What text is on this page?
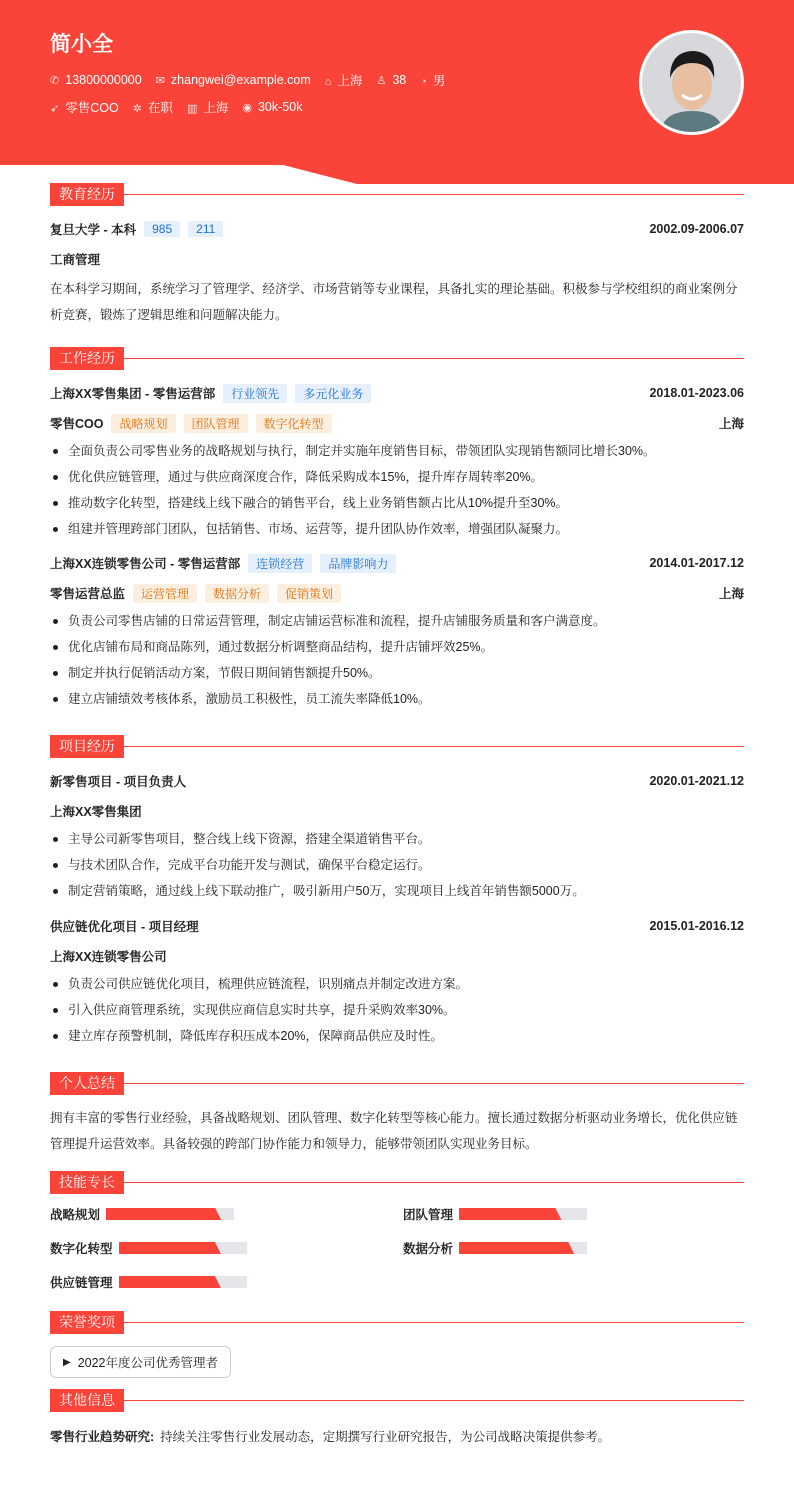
简小全
✆ 13800000000 ✉ zhangwei@example.com ⌂ 上海 ♙ 38 ◔ 男
➶ 零售COO ✲ 在职 ▥ 上海 ◉ 30k-50k
教育经历
复旦大学 - 本科	985	211	2002.09-2006.07
工商管理
在本科学习期间，系统学习了管理学、经济学、市场营销等专业课程，具备扎实的理论基础。积极参与学校组织的商业案例分析竞赛，锻炼了逻辑思维和问题解决能力。
工作经历
上海XX零售集团 - 零售运营部	行业领先	多元化业务	2018.01-2023.06
零售COO	战略规划	团队管理	数字化转型	上海
全面负责公司零售业务的战略规划与执行，制定并实施年度销售目标，带领团队实现销售额同比增长30%。
优化供应链管理，通过与供应商深度合作，降低采购成本15%，提升库存周转率20%。
推动数字化转型，搭建线上线下融合的销售平台，线上业务销售额占比从10%提升至30%。
组建并管理跨部门团队，包括销售、市场、运营等，提升团队协作效率，增强团队凝聚力。
上海XX连锁零售公司 - 零售运营部	连锁经营	品牌影响力	2014.01-2017.12
零售运营总监	运营管理	数据分析	促销策划	上海
负责公司零售店铺的日常运营管理，制定店铺运营标准和流程，提升店铺服务质量和客户满意度。
优化店铺布局和商品陈列，通过数据分析调整商品结构，提升店铺坪效25%。
制定并执行促销活动方案，节假日期间销售额提升50%。
建立店铺绩效考核体系，激励员工积极性，员工流失率降低10%。
项目经历
新零售项目 - 项目负责人	2020.01-2021.12
上海XX零售集团
主导公司新零售项目，整合线上线下资源，搭建全渠道销售平台。
与技术团队合作，完成平台功能开发与测试，确保平台稳定运行。
制定营销策略，通过线上线下联动推广，吸引新用户50万，实现项目上线首年销售额5000万。
供应链优化项目 - 项目经理	2015.01-2016.12
上海XX连锁零售公司
负责公司供应链优化项目，梳理供应链流程，识别痛点并制定改进方案。
引入供应商管理系统，实现供应商信息实时共享，提升采购效率30%。
建立库存预警机制，降低库存积压成本20%，保障商品供应及时性。
个人总结
拥有丰富的零售行业经验，具备战略规划、团队管理、数字化转型等核心能力。擅长通过数据分析驱动业务增长，优化供应链管理提升运营效率。具备较强的跨部门协作能力和领导力，能够带领团队实现业务目标。
技能专长
战略规划	团队管理
数字化转型	数据分析
供应链管理
荣誉奖项
▶ 2022年度公司优秀管理者
其他信息
零售行业趋势研究: 持续关注零售行业发展动态，定期撰写行业研究报告，为公司战略决策提供参考。
